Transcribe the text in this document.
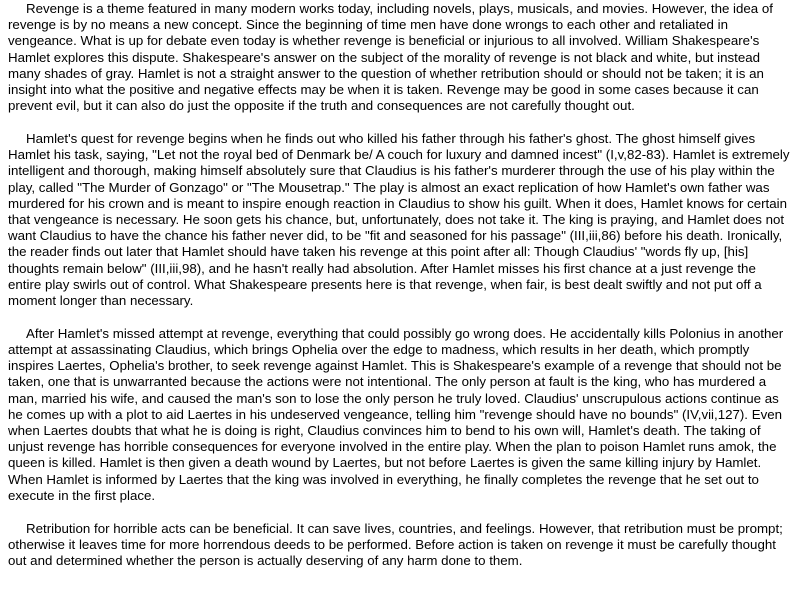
Revenge is a theme featured in many modern works today, including novels, plays, musicals, and movies. However, the idea of revenge is by no means a new concept. Since the beginning of time men have done wrongs to each other and retaliated in vengeance. What is up for debate even today is whether revenge is beneficial or injurious to all involved. William Shakespeare's Hamlet explores this dispute. Shakespeare's answer on the subject of the morality of revenge is not black and white, but instead many shades of gray. Hamlet is not a straight answer to the question of whether retribution should or should not be taken; it is an insight into what the positive and negative effects may be when it is taken. Revenge may be good in some cases because it can prevent evil, but it can also do just the opposite if the truth and consequences are not carefully thought out.

Hamlet's quest for revenge begins when he finds out who killed his father through his father's ghost. The ghost himself gives Hamlet his task, saying, "Let not the royal bed of Denmark be/ A couch for luxury and damned incest" (I,v,82-83). Hamlet is extremely intelligent and thorough, making himself absolutely sure that Claudius is his father's murderer through the use of his play within the play, called "The Murder of Gonzago" or "The Mousetrap." The play is almost an exact replication of how Hamlet's own father was murdered for his crown and is meant to inspire enough reaction in Claudius to show his guilt. When it does, Hamlet knows for certain that vengeance is necessary. He soon gets his chance, but, unfortunately, does not take it. The king is praying, and Hamlet does not want Claudius to have the chance his father never did, to be "fit and seasoned for his passage" (III,iii,86) before his death. Ironically, the reader finds out later that Hamlet should have taken his revenge at this point after all: Though Claudius' "words fly up, [his] thoughts remain below" (III,iii,98), and he hasn't really had absolution. After Hamlet misses his first chance at a just revenge the entire play swirls out of control. What Shakespeare presents here is that revenge, when fair, is best dealt swiftly and not put off a moment longer than necessary.

After Hamlet's missed attempt at revenge, everything that could possibly go wrong does. He accidentally kills Polonius in another attempt at assassinating Claudius, which brings Ophelia over the edge to madness, which results in her death, which promptly inspires Laertes, Ophelia's brother, to seek revenge against Hamlet. This is Shakespeare's example of a revenge that should not be taken, one that is unwarranted because the actions were not intentional. The only person at fault is the king, who has murdered a man, married his wife, and caused the man's son to lose the only person he truly loved. Claudius' unscrupulous actions continue as he comes up with a plot to aid Laertes in his undeserved vengeance, telling him "revenge should have no bounds" (IV,vii,127). Even when Laertes doubts that what he is doing is right, Claudius convinces him to bend to his own will, Hamlet's death. The taking of unjust revenge has horrible consequences for everyone involved in the entire play. When the plan to poison Hamlet runs amok, the queen is killed. Hamlet is then given a death wound by Laertes, but not before Laertes is given the same killing injury by Hamlet. When Hamlet is informed by Laertes that the king was involved in everything, he finally completes the revenge that he set out to execute in the first place.

Retribution for horrible acts can be beneficial. It can save lives, countries, and feelings. However, that retribution must be prompt; otherwise it leaves time for more horrendous deeds to be performed. Before action is taken on revenge it must be carefully thought out and determined whether the person is actually deserving of any harm done to them.
